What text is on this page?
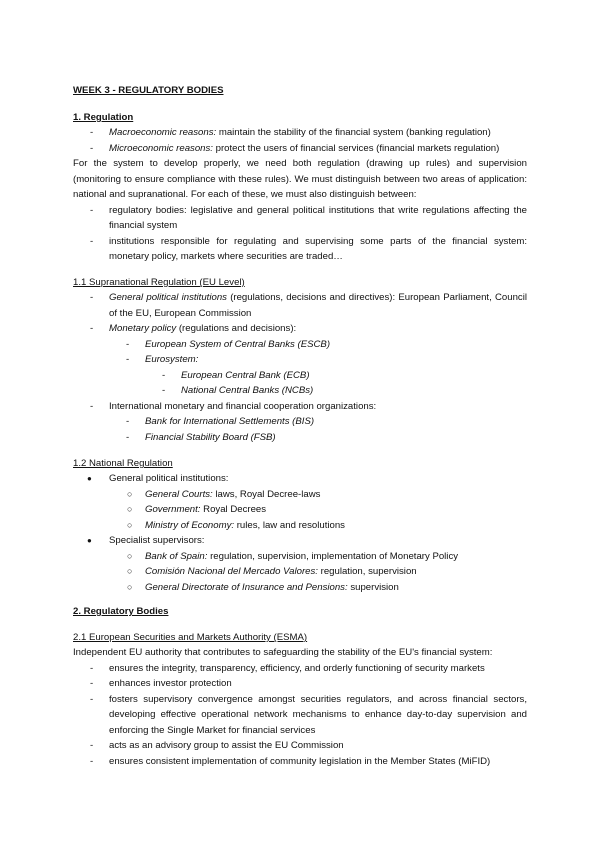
WEEK 3 - REGULATORY BODIES
1. Regulation
- Macroeconomic reasons: maintain the stability of the financial system (banking regulation)
- Microeconomic reasons: protect the users of financial services (financial markets regulation)
For the system to develop properly, we need both regulation (drawing up rules) and supervision (monitoring to ensure compliance with these rules). We must distinguish between two areas of application: national and supranational. For each of these, we must also distinguish between:
- regulatory bodies: legislative and general political institutions that write regulations affecting the financial system
- institutions responsible for regulating and supervising some parts of the financial system: monetary policy, markets where securities are traded…
1.1 Supranational Regulation (EU Level)
- General political institutions (regulations, decisions and directives): European Parliament, Council of the EU, European Commission
- Monetary policy (regulations and decisions):
- European System of Central Banks (ESCB)
- Eurosystem:
- European Central Bank (ECB)
- National Central Banks (NCBs)
- International monetary and financial cooperation organizations:
- Bank for International Settlements (BIS)
- Financial Stability Board (FSB)
1.2 National Regulation
● General political institutions:
○ General Courts: laws, Royal Decree-laws
○ Government: Royal Decrees
○ Ministry of Economy: rules, law and resolutions
● Specialist supervisors:
○ Bank of Spain: regulation, supervision, implementation of Monetary Policy
○ Comisión Nacional del Mercado Valores: regulation, supervision
○ General Directorate of Insurance and Pensions: supervision
2. Regulatory Bodies
2.1 European Securities and Markets Authority (ESMA)
Independent EU authority that contributes to safeguarding the stability of the EU's financial system:
- ensures the integrity, transparency, efficiency, and orderly functioning of security markets
- enhances investor protection
- fosters supervisory convergence amongst securities regulators, and across financial sectors, developing effective operational network mechanisms to enhance day-to-day supervision and enforcing the Single Market for financial services
- acts as an advisory group to assist the EU Commission
- ensures consistent implementation of community legislation in the Member States (MiFID)
